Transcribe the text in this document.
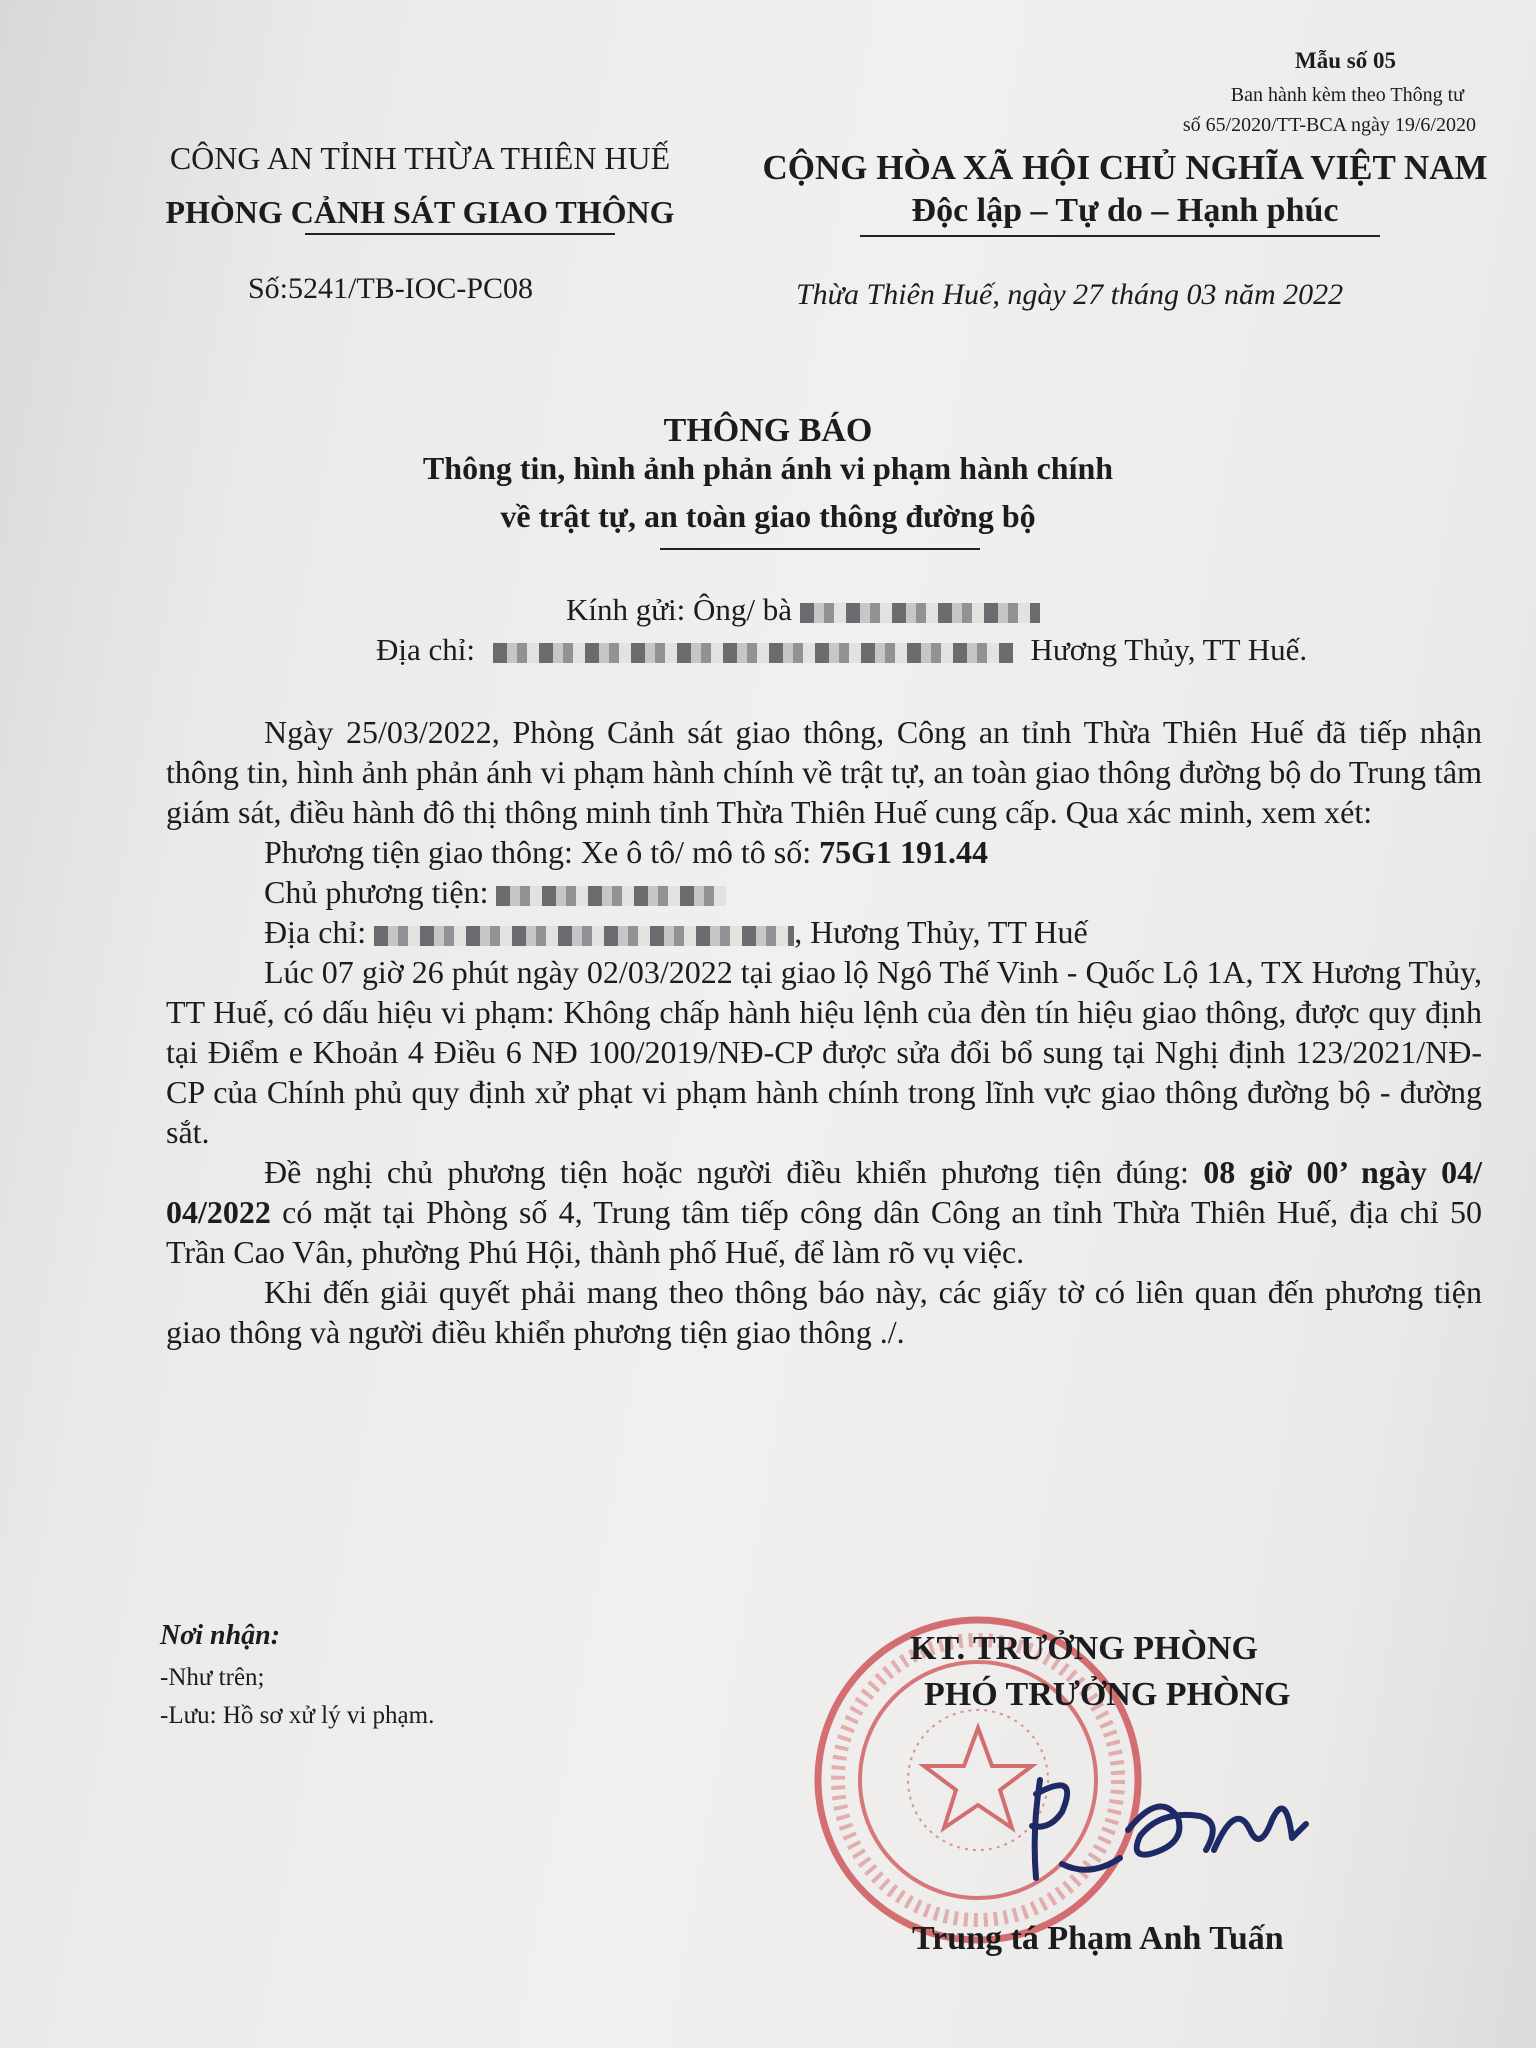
Mẫu số 05
Ban hành kèm theo Thông tư
số 65/2020/TT-BCA ngày 19/6/2020
CÔNG AN TỈNH THỪA THIÊN HUẾ
PHÒNG CẢNH SÁT GIAO THÔNG
CỘNG HÒA XÃ HỘI CHỦ NGHĨA VIỆT NAM
Độc lập – Tự do – Hạnh phúc
Số:5241/TB-IOC-PC08	Thừa Thiên Huế, ngày 27 tháng 03 năm 2022
THÔNG BÁO
Thông tin, hình ảnh phản ánh vi phạm hành chính
về trật tự, an toàn giao thông đường bộ
Kính gửi: Ông/ bà
Địa chỉ:	Hương Thủy, TT Huế.

Ngày 25/03/2022, Phòng Cảnh sát giao thông, Công an tỉnh Thừa Thiên Huế đã tiếp nhận thông tin, hình ảnh phản ánh vi phạm hành chính về trật tự, an toàn giao thông đường bộ do Trung tâm giám sát, điều hành đô thị thông minh tỉnh Thừa Thiên Huế cung cấp. Qua xác minh, xem xét:

Phương tiện giao thông: Xe ô tô/ mô tô số: 75G1 191.44

Chủ phương tiện:

Địa chỉ:	, Hương Thủy, TT Huế

Lúc 07 giờ 26 phút ngày 02/03/2022 tại giao lộ Ngô Thế Vinh - Quốc Lộ 1A, TX Hương Thủy, TT Huế, có dấu hiệu vi phạm: Không chấp hành hiệu lệnh của đèn tín hiệu giao thông, được quy định tại Điểm e Khoản 4 Điều 6 NĐ 100/2019/NĐ-CP được sửa đổi bổ sung tại Nghị định 123/2021/NĐ-CP của Chính phủ quy định xử phạt vi phạm hành chính trong lĩnh vực giao thông đường bộ - đường sắt.

Đề nghị chủ phương tiện hoặc người điều khiển phương tiện đúng: 08 giờ 00’ ngày 04/ 04/2022 có mặt tại Phòng số 4, Trung tâm tiếp công dân Công an tỉnh Thừa Thiên Huế, địa chỉ 50 Trần Cao Vân, phường Phú Hội, thành phố Huế, để làm rõ vụ việc.

Khi đến giải quyết phải mang theo thông báo này, các giấy tờ có liên quan đến phương tiện giao thông và người điều khiển phương tiện giao thông ./.

Nơi nhận:
-Như trên;
-Lưu: Hồ sơ xử lý vi phạm.
KT. TRƯỞNG PHÒNG
PHÓ TRƯỞNG PHÒNG
Trung tá Phạm Anh Tuấn
